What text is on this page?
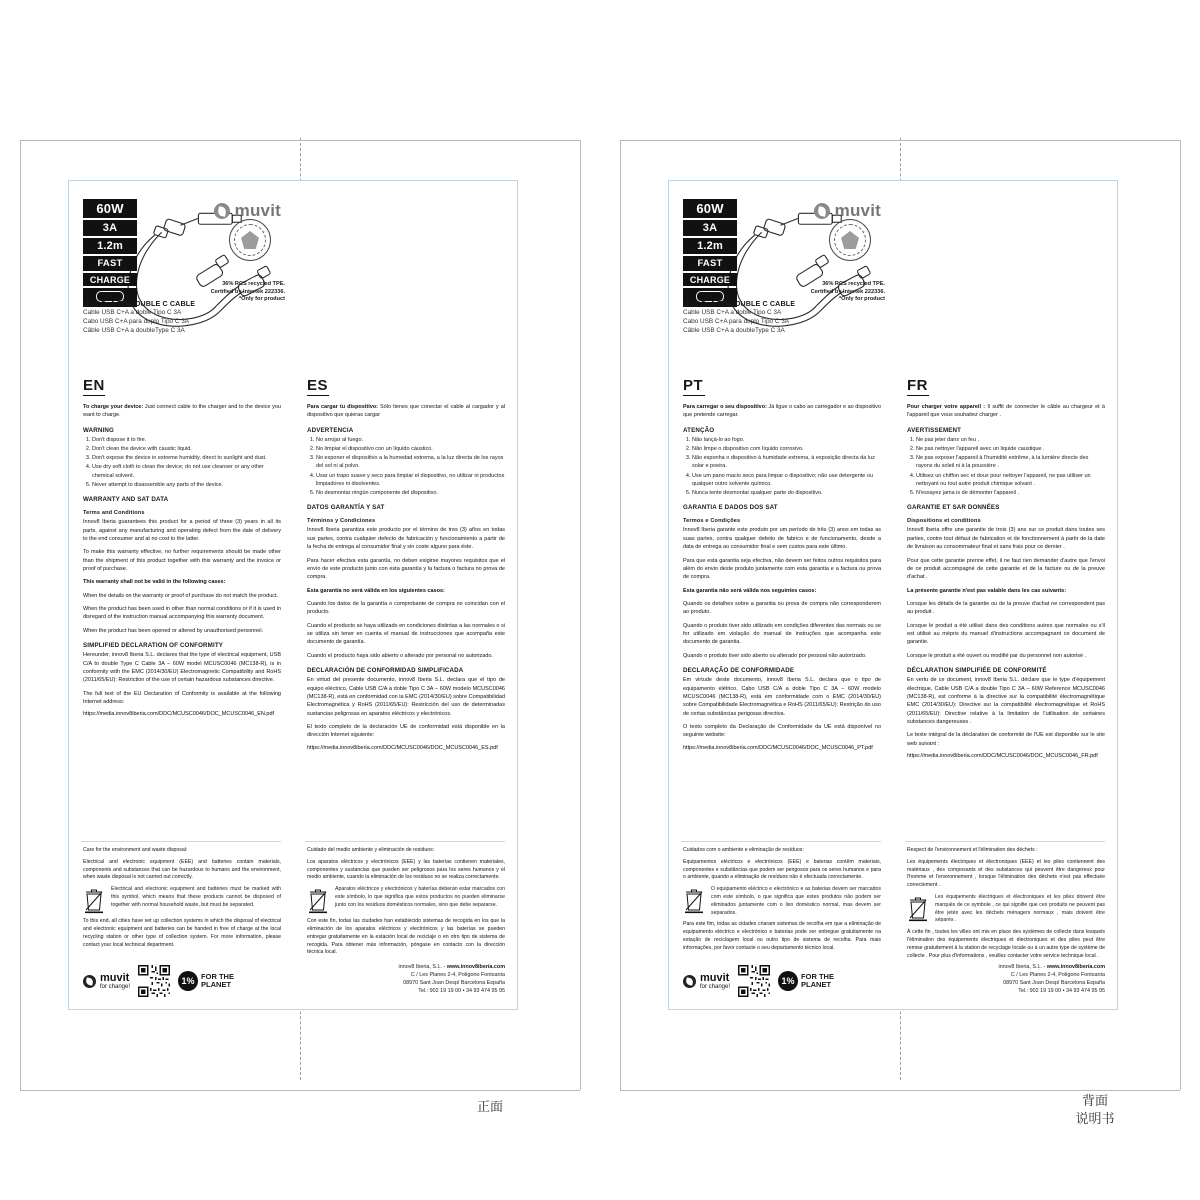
60W
3A
1.2m
FAST
CHARGE
muvit
USB C+A TO DOUBLE C CABLE
Cable USB C+A a doble Tipo C 3A
Cabo USB C+A para duplo Tipo C 3A
Câble USB C+A a doubleType C 3A
36% RCS recycled TPE.
Certified by Intertek 222336.
*Only for product
EN

To charge your device: Just connect cable to the charger and to the device you want to charge.

WARNING
1. Don't dispose it to fire.
2. Don't clean the device with caustic liquid.
3. Don't expose the device in extreme humidity, direct to sunlight and dust.
4. Use dry soft cloth to clean the device; do not use cleanser or any other chemical solvent.
5. Never attempt to disassemble any parts of the device.
WARRANTY AND SAT DATA
Terms and Conditions

Innov8 Iberia guarantees this product for a period of three (3) years in all its parts, against any manufacturing and operating defect from the date of delivery to the end consumer and at no cost to the latter.

To make this warranty effective, no further requirements should be made other than the shipment of this product together with this warranty and the invoice or proof of purchase.

This warranty shall not be valid in the following cases:

When the details on the warranty or proof of purchase do not match the product.

When the product has been used in other than normal conditions or if it is used in disregard of the instruction manual accompanying this warranty document.

When the product has been opened or altered by unauthorised personnel.

SIMPLIFIED DECLARATION OF CONFORMITY

Hereunder, innov8 Iberia S.L. declares that the type of electrical equipment, USB C/A to double Type C Cable 3A – 60W model MCUSC0046 (MC138-R), is in conformity with the EMC (2014/30/EU) Electromagnetic Compatibility and RoHS (2011/65/EU): Restriction of the use of certain hazardous substances directive.

The full text of the EU Declaration of Conformity is available at the following Internet address:

https://media.innov8iberia.com/DDC/MCUSC0046/DOC_MCUSC0046_EN.pdf
Care for the environment and waste disposal:
Electrical and electronic equipment (EEE) and batteries contain materials, components and substances that can be hazardous to humans and the environment, when waste disposal is not carried out correctly.
Electrical and electronic equipment and batteries must be marked with this symbol, which means that these products cannot be disposed of together with normal household waste, but must be separated.
To this end, all cities have set up collection systems in which the disposal of electrical and electronic equipment and batteries can be handed in free of charge at the local recycling station or other type of collection system. For more information, please contact your local technical department.
muvit
for change!
1% FOR THE
PLANET
ES

Para cargar tu dispositivo: Sólo tienes que conectar el cable al cargador y al dispositivo que quieras cargar

ADVERTENCIA
1. No arrojar al fuego.
2. No limpiar el dispositivo con un líquido cáustico.
3. No exponer el dispositivo a la humedad extrema, a la luz directa de los rayos del sol ni al polvo.
4. Usar un trapo suave y seco para limpiar el dispositivo, no utilizar ni productos limpiadores ni disolventes.
5. No desmontar ningún componente del dispositivo.
DATOS GARANTÍA Y SAT
Términos y Condiciones

Innov8 Iberia garantiza este producto por el término de tres (3) años en todas sus partes, contra cualquier defecto de fabricación y funcionamiento a partir de la fecha de entrega al consumidor final y sin coste alguno para éste.

Para hacer efectiva esta garantía, no deben exigirse mayores requisitos que el envío de este producto junto con esta garantía y la factura o factura no prova de compra.

Esta garantía no será válida en los siguientes casos:

Cuando los datos de la garantía o comprobante de compra no coincidan con el producto.

Cuando el producto se haya utilizado en condiciones distintas a las normales o si se utiliza sin tener en cuenta el manual de instrucciones que acompaña este documento de garantía.

Cuando el producto haya sido abierto o alterado por personal no autorizado.

DECLARACIÓN DE CONFORMIDAD SIMPLIFICADA

En virtud del presente documento, innov8 Iberia S.L. declara que el tipo de equipo eléctrico, Cable USB C/A a doble Tipo C 3A – 60W modelo MCUSC0046 (MC138-R), está en conformidad con la EMC (2014/30/EU) sobre Compatibilidad Electromagnética y RoHS (2011/65/EU): Restricción del uso de determinadas sustancias peligrosas en aparatos eléctricos y electrónicos.

El texto completo de la declaración UE de conformidad está disponible en la dirección Internet siguiente:

https://media.innov8iberia.com/DDC/MCUSC0046/DOC_MCUSC0046_ES.pdf
Cuidado del medio ambiente y eliminación de residuos:
Los aparatos eléctricos y electrónicos (EEE) y las baterías contienen materiales, componentes y sustancias que pueden ser peligrosos para los seres humanos y el medio ambiente, cuando la eliminación de los residuos no se realiza correctamente.
Aparatos eléctricos y electrónicos y baterías deberán estar marcados con este símbolo, lo que significa que estos productos no pueden eliminarse junto con los residuos domésticos normales, sino que debe separarse.
Con este fin, todas las ciudades han establecido sistemas de recogida en los que la eliminación de los aparatos eléctricos y electrónicos y las baterías se pueden entregar gratuitamente en la estación local de reciclaje o en otro tipo de sistema de recogida. Para obtener más información, póngase en contacto con la dirección técnica local.
innov8 Iberia, S.L. - www.innov8iberia.com
C / Les Planes 2-4, Polígono Fontsanta
08970 Sant Joan Despí Barcelona España
Tel.: 902 19 19 00 • 34 93 474 95 95
60W
3A
1.2m
FAST
CHARGE
muvit
USB C+A TO DOUBLE C CABLE
Cable USB C+A a doble Tipo C 3A
Cabo USB C+A para duplo Tipo C 3A
Câble USB C+A a doubleType C 3A
36% RCS recycled TPE.
Certified by Intertek 222336.
*Only for product
PT

Para carregar o seu dispositivo: Já ligue o cabo ao carregador e ao dispositivo que pretende carregar.

ATENÇÃO
1. Não lançá-lo ao fogo.
2. Não limpe o dispositivo com líquido corrosivo.
3. Não exponha o dispositivo à humidade extrema, à exposição directa da luz solar e poeira.
4. Use um pano macio seco para limpar o dispositivo; não use detergente ou qualquer outro solvente químico.
5. Nunca tente desmontar qualquer parte do dispositivo.
GARANTIA E DADOS DOS SAT
Termos e Condições

Innov8 Iberia garante este produto por um período de três (3) anos em todas as suas partes, contra qualquer defeito de fabrico e de funcionamento, desde a data de entrega ao consumidor final e sem custos para este último.

Para que esta garantia seja efectiva, não devem ser feitos outros requisitos para além do envio deste produto juntamente com esta garantia e a factura ou prova de compra.

Esta garantia não será válida nos seguintes casos:

Quando os detalhes sobre a garantia ou prova de compra não corresponderem ao produto.

Quando o produto tiver sido utilizado em condições diferentes das normais ou se for utilizado em violação do manual de instruções que acompanha este documento de garantia.

Quando o produto tiver sido aberto ou alterado por pessoal não autorizado.

DECLARAÇÃO DE CONFORMIDADE

Em virtude deste documento, innov8 Iberia S.L. declara que o tipo de equipamento elétrico, Cabo USB C/A a doble Tipo C 3A – 60W modelo MCUSC0046 (MC138-R), está em conformidade com o EMC (2014/30/EU) sobre Compatibilidade Electromagnética e RoHS (2011/65/EU): Restrição do uso de certas substâncias perigosas directiva.

O texto completo da Declaração de Conformidade da UE está disponível no seguinte website:

https://media.innov8iberia.com/DDC/MCUSC0046/DOC_MCUSC0046_PT.pdf
Cuidados com o ambiente e eliminação de resíduos:
Equipamentos eléctricos e electrónicos (EEE) e baterias contêm materiais, componentes e substâncias que podem ser perigosos para os seres humanos e para o ambiente, quando a eliminação de resíduos não é efectuada correctamente.
O equipamento eléctrico e electrónico e as baterias devem ser marcados com este símbolo, o que significa que estes produtos não podem ser eliminados juntamente com o lixo doméstico normal, mas devem ser separados.
Para este fim, todas as cidades criaram sistemas de recolha em que a eliminação de equipamento eléctrico e electrónico e baterias pode ser entregue gratuitamente na estação de reciclagem local ou outro tipo de sistema de recolha. Para mais informações, por favor contacte o seu departamento técnico local.
muvit
for change!
1% FOR THE
PLANET
FR

Pour charger votre appareil : Il suffit de connecter le câble au chargeur et à l'appareil que vous souhaitez charger .

AVERTISSEMENT
1. Ne pas jeter dans un feu .
2. Ne pas nettoyer l'appareil avec un liquide caustique .
3. Ne pas exposer l'appareil à l'humidité extrême, à la lumière directe des rayons du soleil ni à la poussière .
4. Utilisez un chiffon sec et doux pour nettoyer l'appareil, ne pas utiliser un nettoyant ou tout autre produit chimique solvant .
5. N'essayez jama is de démonter l'appareil .
GARANTIE ET SAR DONNÉES
Dispositions et conditions

Innov8 Iberia offre une garantie de trois (3) ans sur ce produit dans toutes ses parties, contre tout défaut de fabrication et de fonctionnement à partir de la date de livraison au consommateur final et sans frais pour ce dernier .

Pour que cette garantie prenne effet, il ne faut rien demander d'autre que l'envoi de ce produit accompagné de cette garantie et de la facture ou de la preuve d'achat .

La présente garantie n'est pas valable dans les cas suivants:

Lorsque les détails de la garantie ou de la preuve d'achat ne correspondent pas au produit .

Lorsque le produit a été utilisé dans des conditions autres que normales ou s'il est utilisé au mépris du manuel d'instructions accompagnant ce document de garantie.

Lorsque le produit a été ouvert ou modifié par du personnel non autorisé .

DÉCLARATION SIMPLIFIÉE DE CONFORMITÉ

En vertu de ce document, innov8 Iberia S.L. déclare que le type d'équipement électrique, Cable USB C/A a double Tipo C 3A – 60W Reference MCUSC0046 (MC138-R), est conforme à la directive sur la compatibilité électromagnétique EMC (2014/30/EU): Directive sur la compatibilité électromagnétique et RoHS (2011/65/EU): Directive relative à la limitation de l'utilisation de certaines substances dangereuses .

Le texte intégral de la déclaration de conformité de l'UE est disponible sur le site web suivant :

https://media.innov8iberia.com/DDC/MCUSC0046/DOC_MCUSC0046_FR.pdf
Respect de l'environnement et l'élimination des déchets :
Les équipements électriques et électroniques (EEE) et les piles contiennent des matériaux , des composants et des substances qui peuvent être dangereux pour l'homme et l'environnement , lorsque l'élimination des déchets n'est pas effectuée correctement .
Les équipements électriques et électroniques et les piles doivent être marqués de ce symbole , ce qui signifie que ces produits ne peuvent pas être jetés avec les déchets ménagers normaux , mais doivent être séparés .
À cette fin , toutes les villes ont mis en place des systèmes de collecte dans lesquels l'élimination des équipements électriques et électroniques et des piles peut être remise gratuitement à la station de recyclage locale ou à un autre type de système de collecte . Pour plus d'informations , veuillez contacter votre service technique local .
innov8 Iberia, S.L. - www.innov8iberia.com
C / Les Planes 2-4, Polígono Fontsanta
08970 Sant Joan Despí Barcelona España
Tel.: 902 19 19 00 • 34 93 474 95 95
正面	背面
说明书
